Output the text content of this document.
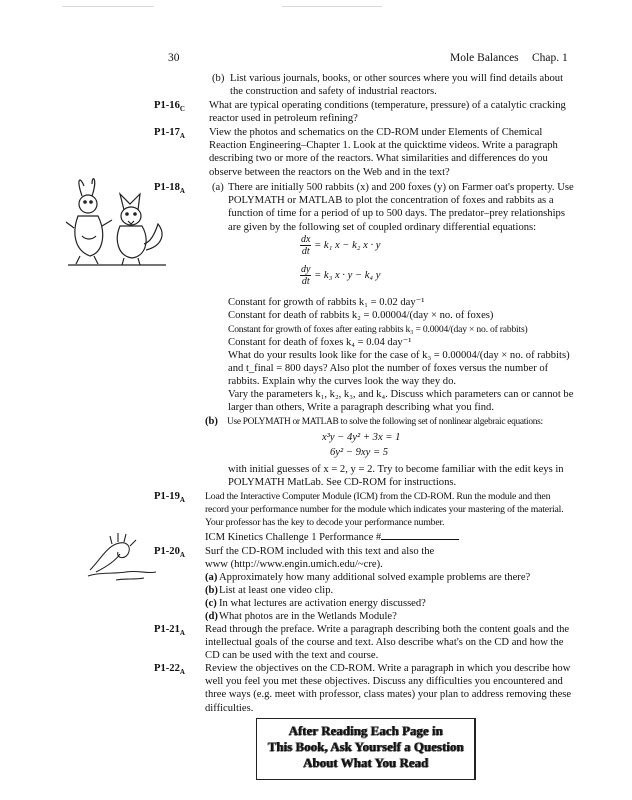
30	Mole Balances Chap. 1
(b) List various journals, books, or other sources where you will find details about the construction and safety of industrial reactors.
$P1-16_C$	What are typical operating conditions (temperature, pressure) of a catalytic cracking reactor used in petroleum refining?
$P1-17_A$	View the photos and schematics on the CD-ROM under Elements of Chemical Reaction Engineering–Chapter 1. Look at the quicktime videos. Write a paragraph describing two or more of the reactors. What similarities and differences do you observe between the reactors on the Web and in the text?
$P1-18_A$	(a) There are initially 500 rabbits (x) and 200 foxes (y) on Farmer oat's property. Use POLYMATH or MATLAB to plot the concentration of foxes and rabbits as a function of time for a period of up to 500 days. The predator–prey relationships are given by the following set of coupled ordinary differential equations:
$\frac{dx}{dt} = k_1$ x − k₂ x · y
$\frac{dy}{dt} = k_3$ x · y − k₄ y
Constant for growth of rabbits k₁ = 0.02 day⁻¹
Constant for death of rabbits k₂ = 0.00004/(day × no. of foxes)
Constant for growth of foxes after eating rabbits k₃ = 0.0004/(day × no. of rabbits)
Constant for death of foxes k₄ = 0.04 day⁻¹
What do your results look like for the case of k₃ = 0.00004/(day × no. of rabbits) and t_final = 800 days? Also plot the number of foxes versus the number of rabbits. Explain why the curves look the way they do.
Vary the parameters k₁, k₂, k₃, and k₄. Discuss which parameters can or cannot be larger than others, Write a paragraph describing what you find.
(b) Use POLYMATH or MATLAB to solve the following set of nonlinear algebraic equations:
x³y − 4y² + 3x = 1
6y² − 9xy = 5
with initial guesses of x = 2, y = 2. Try to become familiar with the edit keys in POLYMATH MatLab. See CD-ROM for instructions.
$P1-19_A$	Load the Interactive Computer Module (ICM) from the CD-ROM. Run the module and then record your performance number for the module which indicates your mastering of the material. Your professor has the key to decode your performance number.
ICM Kinetics Challenge 1 Performance #
$P1-20_A$	Surf the CD-ROM included with this text and also the www (http://www.engin.umich.edu/~cre).
(a) Approximately how many additional solved example problems are there?
(b)List at least one video clip.
(c) In what lectures are activation energy discussed?
(d)What photos are in the Wetlands Module?
$P1-21_A$	Read through the preface. Write a paragraph describing both the content goals and the intellectual goals of the course and text. Also describe what's on the CD and how the CD can be used with the text and course.
$P1-22_A$	Review the objectives on the CD-ROM. Write a paragraph in which you describe how well you feel you met these objectives. Discuss any difficulties you encountered and three ways (e.g. meet with professor, class mates) your plan to address removing these difficulties.
After Reading Each Page in
This Book, Ask Yourself a Question
About What You Read
